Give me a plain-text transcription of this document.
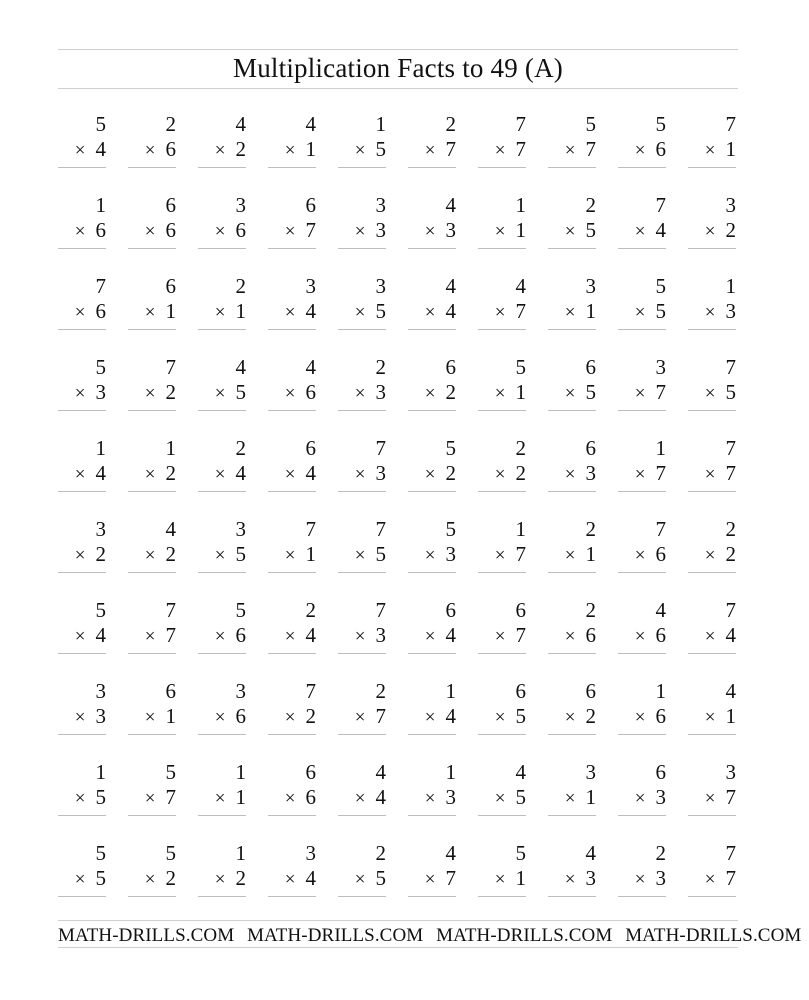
Multiplication Facts to 49 (A)
5
× 4
2
× 6
4
× 2
4
× 1
1
× 5
2
× 7
7
× 7
5
× 7
5
× 6
7
× 1
1
× 6
6
× 6
3
× 6
6
× 7
3
× 3
4
× 3
1
× 1
2
× 5
7
× 4
3
× 2
7
× 6
6
× 1
2
× 1
3
× 4
3
× 5
4
× 4
4
× 7
3
× 1
5
× 5
1
× 3
5
× 3
7
× 2
4
× 5
4
× 6
2
× 3
6
× 2
5
× 1
6
× 5
3
× 7
7
× 5
1
× 4
1
× 2
2
× 4
6
× 4
7
× 3
5
× 2
2
× 2
6
× 3
1
× 7
7
× 7
3
× 2
4
× 2
3
× 5
7
× 1
7
× 5
5
× 3
1
× 7
2
× 1
7
× 6
2
× 2
5
× 4
7
× 7
5
× 6
2
× 4
7
× 3
6
× 4
6
× 7
2
× 6
4
× 6
7
× 4
3
× 3
6
× 1
3
× 6
7
× 2
2
× 7
1
× 4
6
× 5
6
× 2
1
× 6
4
× 1
1
× 5
5
× 7
1
× 1
6
× 6
4
× 4
1
× 3
4
× 5
3
× 1
6
× 3
3
× 7
5
× 5
5
× 2
1
× 2
3
× 4
2
× 5
4
× 7
5
× 1
4
× 3
2
× 3
7
× 7
MATH-DRILLS.COM MATH-DRILLS.COM MATH-DRILLS.COM MATH-DRILLS.COM
